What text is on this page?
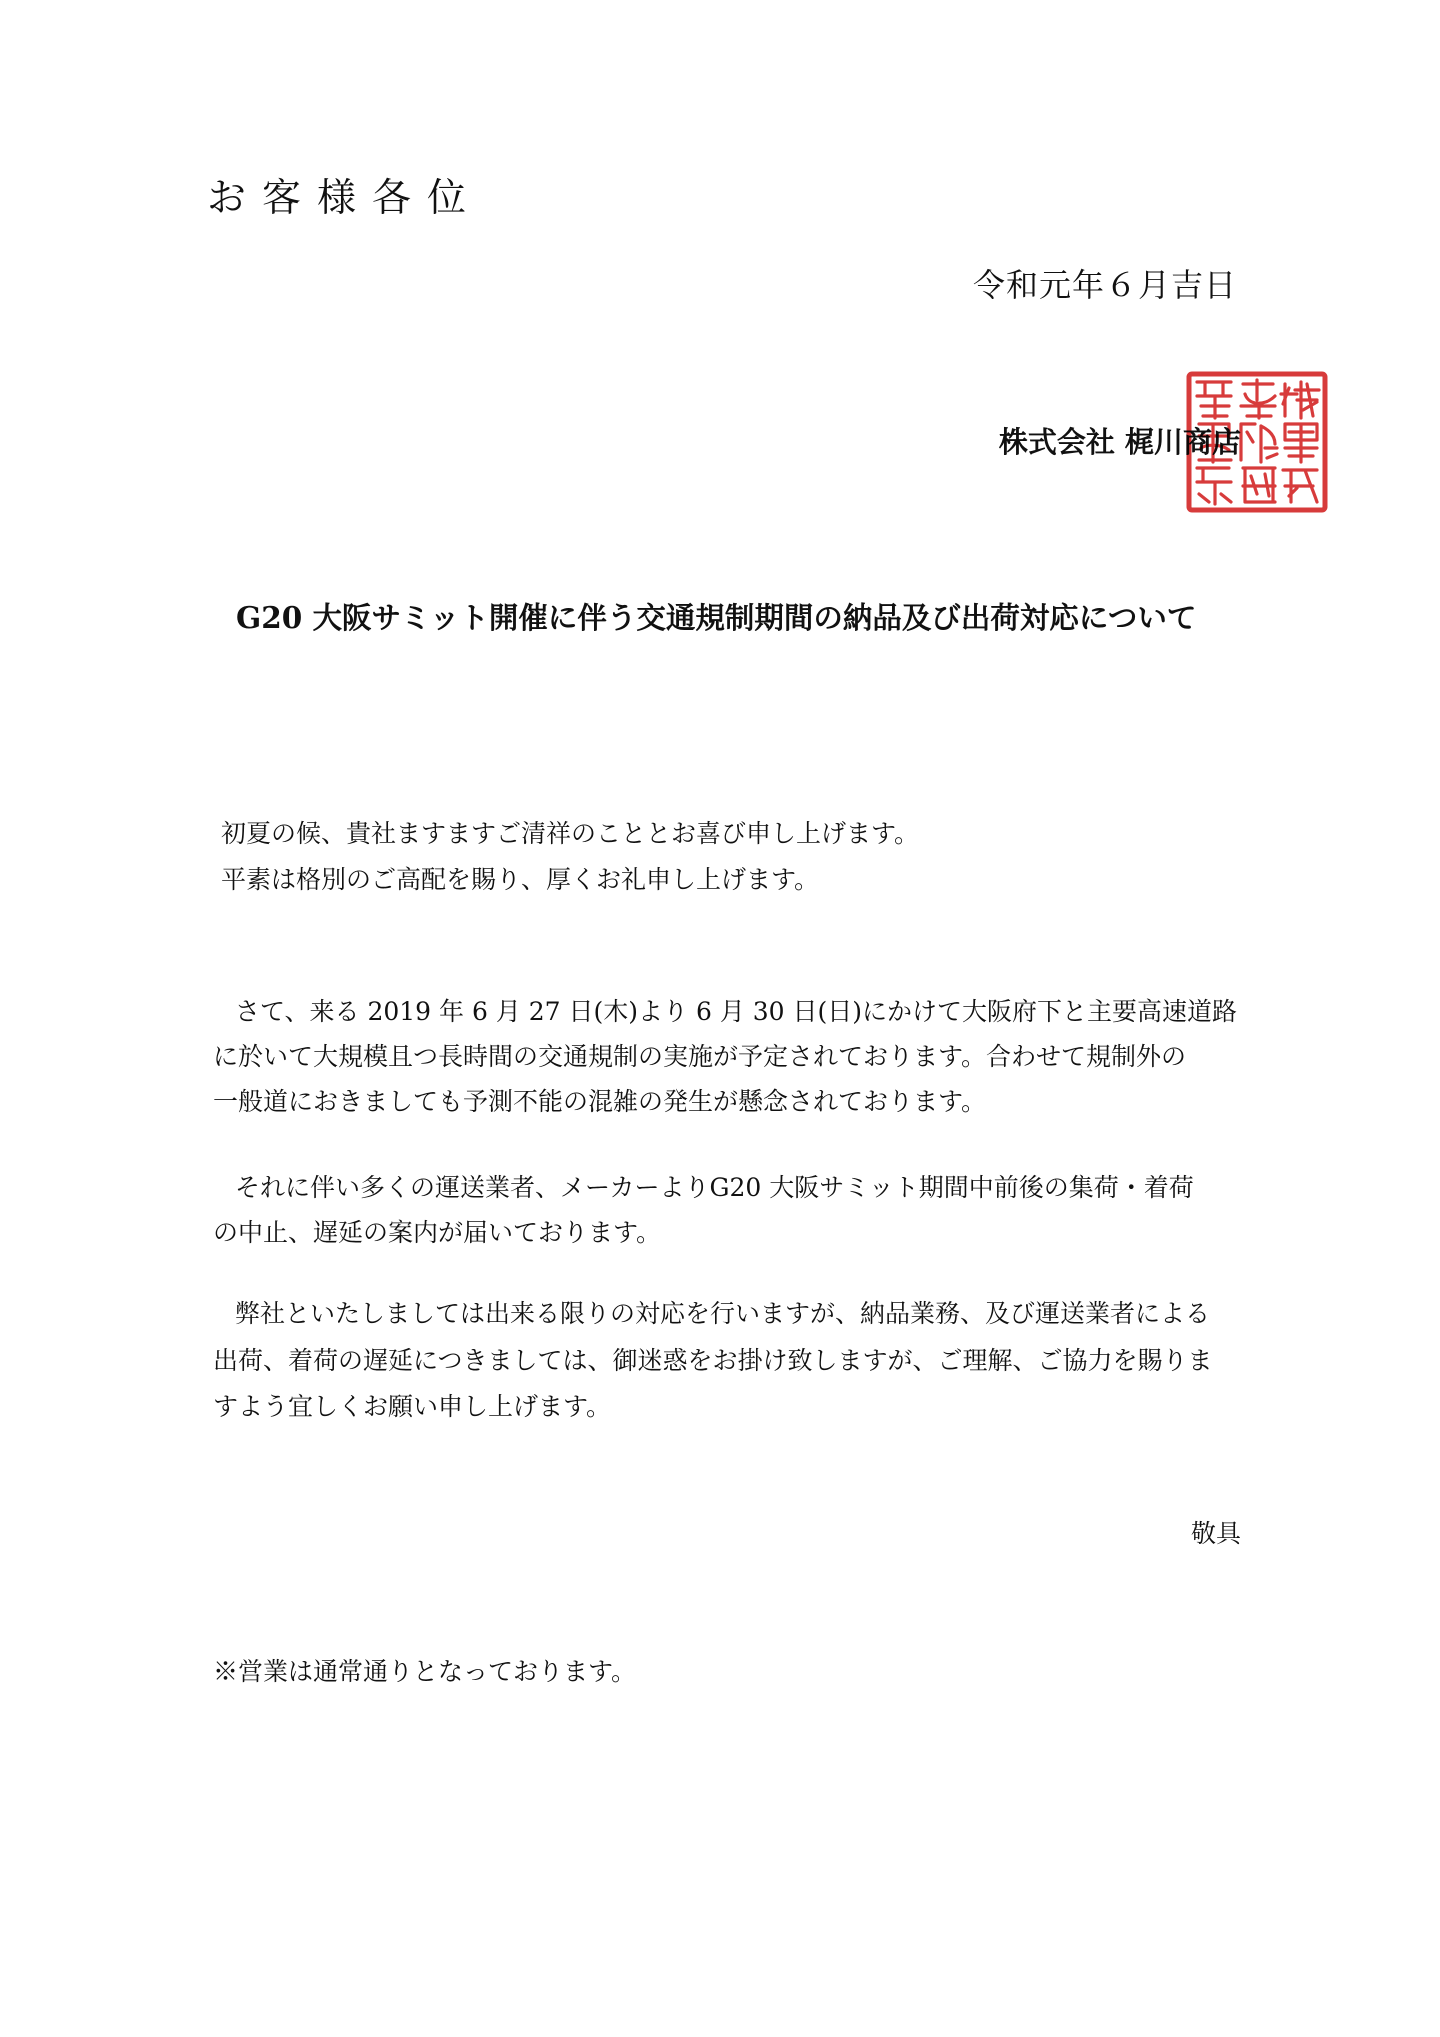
お客様各位
令和元年６月吉日
株式会社 梶川商店
G20 大阪サミット開催に伴う交通規制期間の納品及び出荷対応について
初夏の候、貴社ますますご清祥のこととお喜び申し上げます。
平素は格別のご高配を賜り、厚くお礼申し上げます。
さて、来る 2019 年 6 月 27 日(木)より 6 月 30 日(日)にかけて大阪府下と主要高速道路
に於いて大規模且つ長時間の交通規制の実施が予定されております。合わせて規制外の
一般道におきましても予測不能の混雑の発生が懸念されております。
それに伴い多くの運送業者、メーカーよりG20 大阪サミット期間中前後の集荷・着荷
の中止、遅延の案内が届いております。
弊社といたしましては出来る限りの対応を行いますが、納品業務、及び運送業者による
出荷、着荷の遅延につきましては、御迷惑をお掛け致しますが、ご理解、ご協力を賜りま
すよう宜しくお願い申し上げます。
敬具
※営業は通常通りとなっております。
